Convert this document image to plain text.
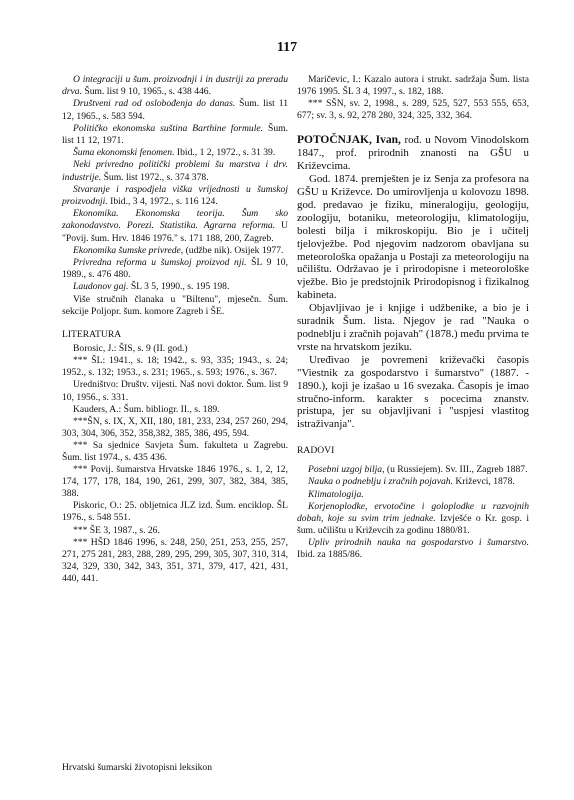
117
O integraciji u šum. proizvodnji i in dustriji za preradu drva. Šum. list 9 10, 1965., s. 438 446.
Društveni rad od oslobođenja do danas. Šum. list 11 12, 1965., s. 583 594.
Političko ekonomska suština Barthine formule. Šum. list 11 12, 1971.
Šuma ekonomski fenomen. Ibid., 1 2, 1972., s. 31 39.
Neki privredno politički problemi šu marstva i drv. industrije. Šum. list 1972., s. 374 378.
Stvaranje i raspodjela viška vrijednosti u šumskoj proizvodnji. Ibid., 3 4, 1972., s. 116 124.
Ekonomika. Ekonomska teorija. Šum sko zakonodavstvo. Porezi. Statistika. Agrarna reforma. U "Povij. šum. Hrv. 1846 1976." s. 171 188, 200, Zagreb.
Ekonomika šumske privrede, (udžbe nik). Osijek 1977.
Privredna reforma u šumskoj proizvod nji. ŠL 9 10, 1989., s. 476 480.
Laudonov gaj. ŠL 3 5, 1990., s. 195 198.
Više stručnih članaka u "Biltenu", mjesečn. Šum. sekcije Poljopr. šum. komore Zagreb i ŠE.
LITERATURA
Borosic, J.: ŠIS, s. 9 (II. god.)
*** ŠL: 1941., s. 18; 1942., s. 93, 335; 1943., s. 24; 1952., s. 132; 1953., s. 231; 1965., s. 593; 1976., s. 367.
Uredništvo: Društv. vijesti. Naš novi doktor. Šum. list 9 10, 1956., s. 331.
Kauders, A.: Šum. bibliogr. II., s. 189.
***ŠN, s. IX, X, XII, 180, 181, 233, 234, 257 260, 294, 303, 304, 306, 352, 358,382, 385, 386, 495, 594.
*** Sa sjednice Savjeta Šum. fakulteta u Zagrebu. Šum. list 1974., s. 435 436.
*** Povij. šumarstva Hrvatske 1846 1976., s. 1, 2, 12, 174, 177, 178, 184, 190, 261, 299, 307, 382, 384, 385, 388.
Piskoric, O.: 25. obljetnica JLZ izd. Šum. enciklop. ŠL 1976., s. 548 551.
*** ŠE 3, 1987., s. 26.
*** HŠD 1846 1996, s. 248, 250, 251, 253, 255, 257, 271, 275 281, 283, 288, 289, 295, 299, 305, 307, 310, 314, 324, 329, 330, 342, 343, 351, 371, 379, 417, 421, 431, 440, 441.
Maričevic, I.: Kazalo autora i strukt. sadržaja Šum. lista 1976 1995. ŠL 3 4, 1997., s. 182, 188.
*** SŠN, sv. 2, 1998., s. 289, 525, 527, 553 555, 653, 677; sv. 3, s. 92, 278 280, 324, 325, 332, 364.

POTOČNJAK, Ivan, rođ. u Novom Vinodolskom 1847., prof. prirodnih znanosti na GŠU u Križevcima.

God. 1874. premješten je iz Senja za profesora na GŠU u Križevce. Do umirovljenja u kolovozu 1898. god. predavao je fiziku, mineralogiju, geologiju, zoologiju, botaniku, meteorologiju, klimatologiju, bolesti bilja i mikroskopiju. Bio je i učitelj tjelovježbe. Pod njegovim nadzorom obavljana su meteorološka opažanja u Postaji za meteorologiju na učilištu. Održavao je i prirodopisne i meteorološke vježbe. Bio je predstojnik Prirodopisnog i fizikalnog kabineta.

Objavljivao je i knjige i udžbenike, a bio je i suradnik Šum. lista. Njegov je rad "Nauka o podneblju i zračnih pojavah" (1878.) među prvima te vrste na hrvatskom jeziku.

Uređivao je povremeni križevački časopis "Viestnik za gospodarstvo i šumarstvo" (1887. - 1890.), koji je izašao u 16 svezaka. Časopis je imao stručno-inform. karakter s pоcecima znanstv. pristupa, jer su objavljivani i "uspjesi vlastitog istraživanja".

RADOVI
Posebni uzgoj bilja, (u Russiejem). Sv. III., Zagreb 1887.
Nauka o podneblju i zračnih pojavah. Križevci, 1878.
Klimatologija.
Korjenoplodke, ervotočine i goloplodke u razvojnih dobah, koje su svim trim jednake. Izvješće o Kr. gosp. i šum. učilištu u Križevcih za godinu 1880/81.
Upliv prirodnih nauka na gospodarstvo i šumarstvo. Ibid. za 1885/86.
Hrvatski šumarski životopisni leksikon
